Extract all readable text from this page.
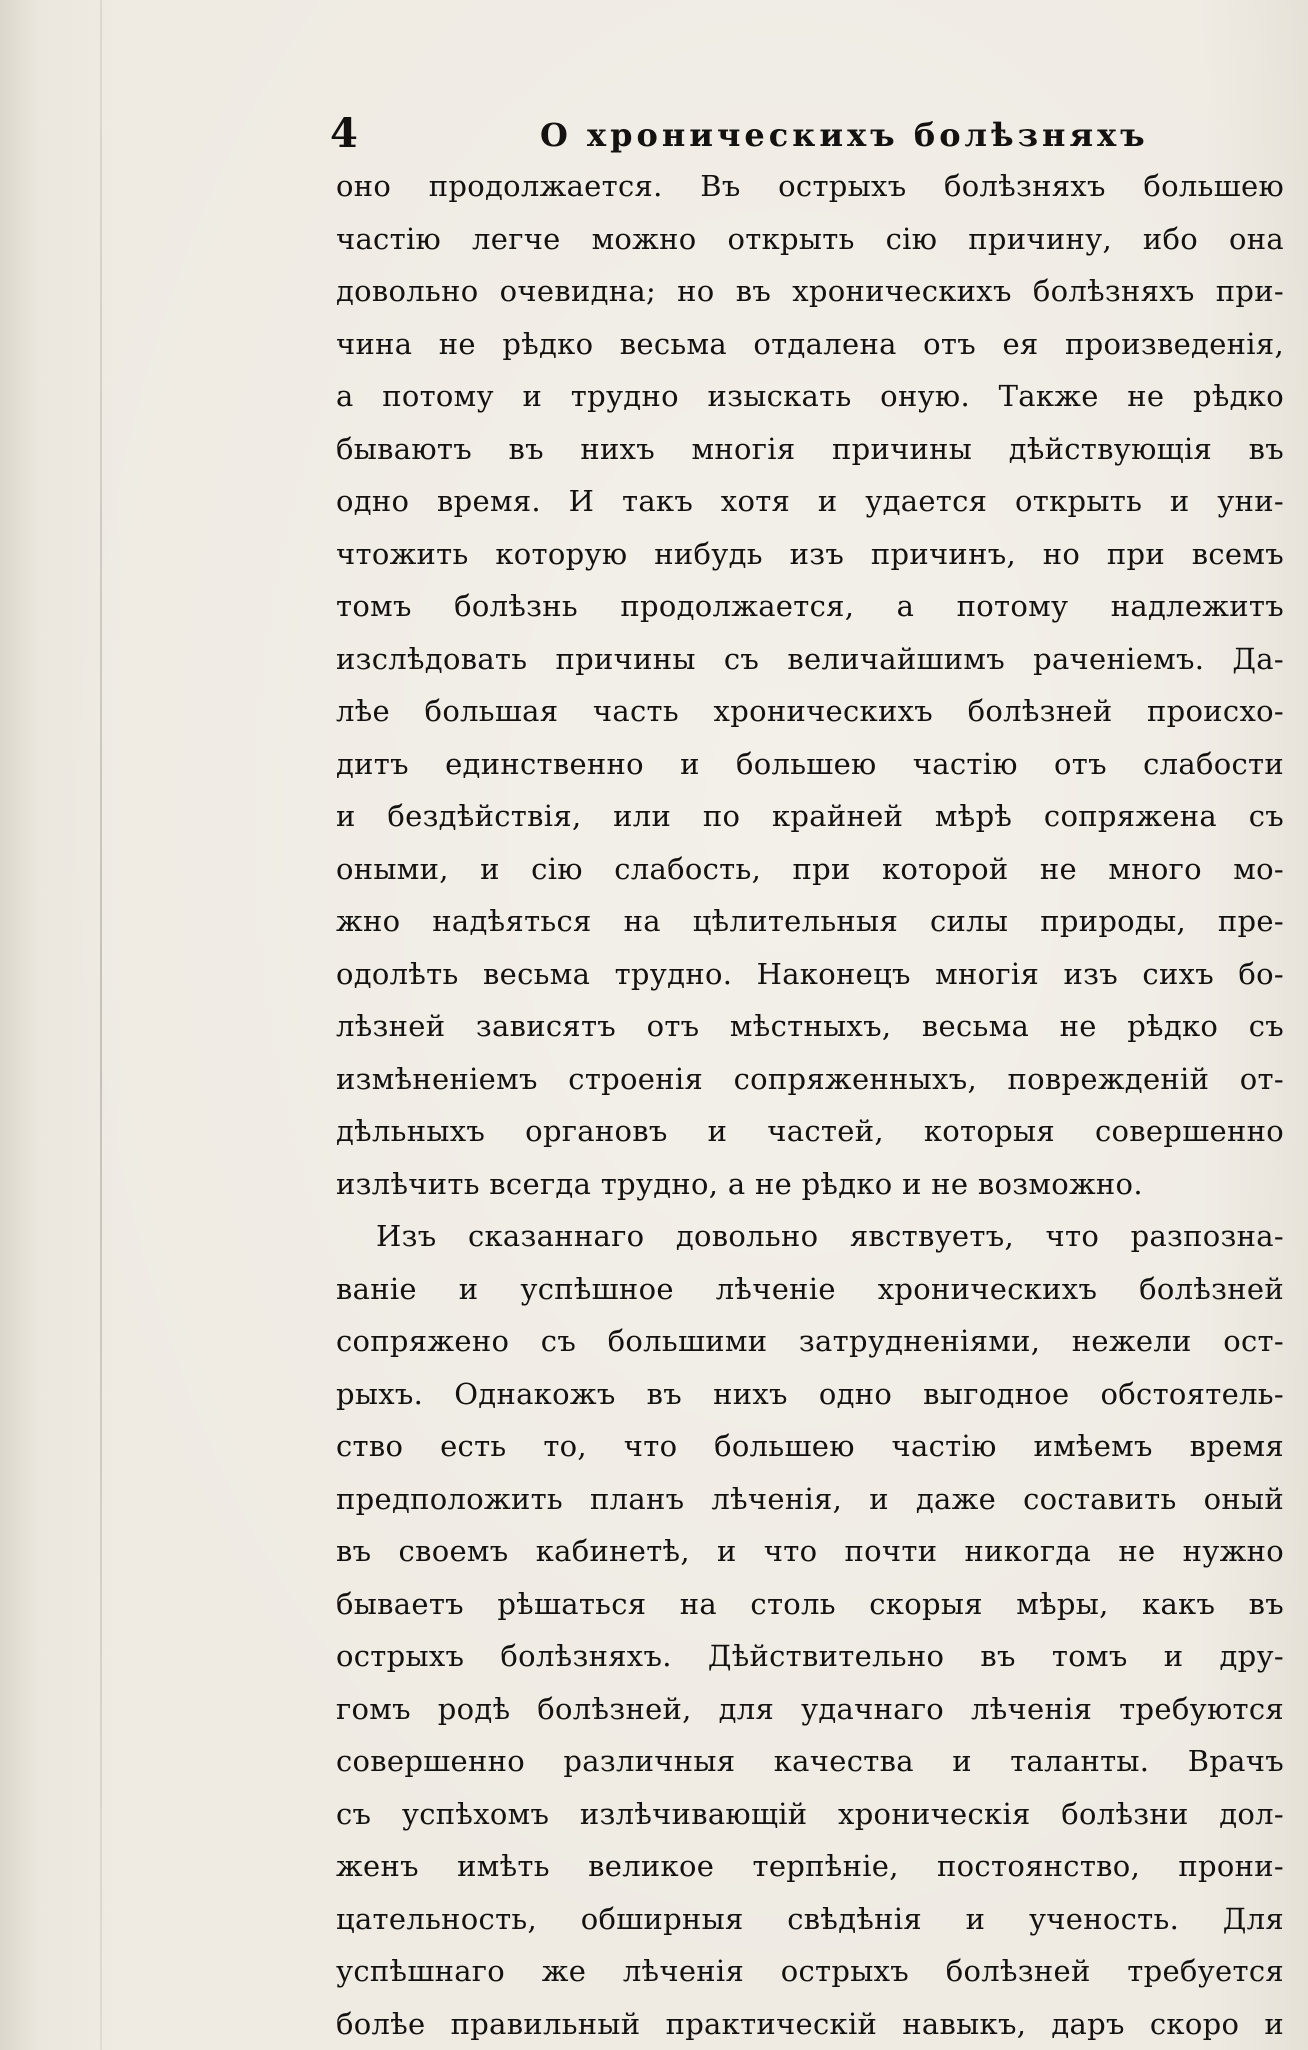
4	О хроническихъ болѣзняхъ
оно продолжается. Въ острыхъ болѣзняхъ большею
частію легче можно открыть сію причину, ибо она
довольно очевидна; но въ хроническихъ болѣзняхъ при-
чина не рѣдко весьма отдалена отъ ея произведенія,
а потому и трудно изыскать оную. Также не рѣдко
бываютъ въ нихъ многія причины дѣйствующія въ
одно время. И такъ хотя и удается открыть и уни-
чтожить которую нибудь изъ причинъ, но при всемъ
томъ болѣзнь продолжается, а потому надлежитъ
изслѣдовать причины съ величайшимъ раченіемъ. Да-
лѣе большая часть хроническихъ болѣзней происхо-
дитъ единственно и большею частію отъ слабости
и бездѣйствія, или по крайней мѣрѣ сопряжена съ
оными, и сію слабость, при которой не много мо-
жно надѣяться на цѣлительныя силы природы, пре-
одолѣть весьма трудно. Наконецъ многія изъ сихъ бо-
лѣзней зависятъ отъ мѣстныхъ, весьма не рѣдко съ
измѣненіемъ строенія сопряженныхъ, поврежденій от-
дѣльныхъ органовъ и частей, которыя совершенно
излѣчить всегда трудно, а не рѣдко и не возможно.
Изъ сказаннаго довольно явствуетъ, что разпозна-
ваніе и успѣшное лѣченіе хроническихъ болѣзней
сопряжено съ большими затрудненіями, нежели ост-
рыхъ. Однакожъ въ нихъ одно выгодное обстоятель-
ство есть то, что большею частію имѣемъ время
предположить планъ лѣченія, и даже составить оный
въ своемъ кабинетѣ, и что почти никогда не нужно
бываетъ рѣшаться на столь скорыя мѣры, какъ въ
острыхъ болѣзняхъ. Дѣйствительно въ томъ и дру-
гомъ родѣ болѣзней, для удачнаго лѣченія требуются
совершенно различныя качества и таланты. Врачъ
съ успѣхомъ излѣчивающій хроническія болѣзни дол-
женъ имѣть великое терпѣніе, постоянство, прони-
цательность, обширныя свѣдѣнія и ученость. Для
успѣшнаго же лѣченія острыхъ болѣзней требуется
болѣе правильный практическій навыкъ, даръ скоро и
